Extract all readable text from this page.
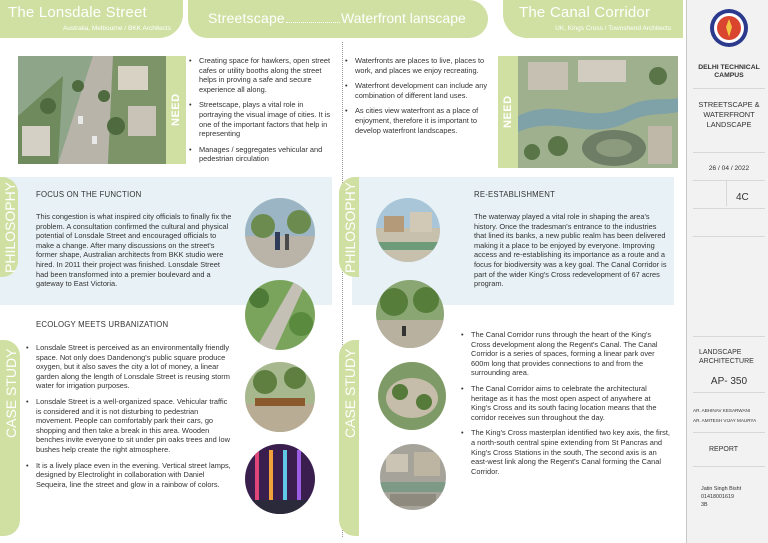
The Lonsdale Street
Australia, Melbourne / BKK Architects
Streetscape	Waterfront lanscape	The Canal Corridor
UK, Kings Cross / Townshend Architects
NEED
• Creating space for hawkers, open street cafes or utility booths along the street helps in proving a safe and secure experience all along.
• Streetscape, plays a vital role in portraying the visual image of cities. It is one of the important factors that help in representing
• Manages / seggregates vehicular and pedestrian circulation
• Waterfronts are places to live, places to work, and places we enjoy recreating.
• Waterfront development can include any combination of different land uses.
• As cities view waterfront as a place of enjoyment, therefore it is important to develop waterfront landscapes.
NEED
PHILOSOPHY	PHILOSOPHY
FOCUS ON THE FUNCTION
This congestion is what inspired city officials to finally fix the problem. A consultation confirmed the cultural and physical potential of Lonsdale Street and encouraged officials to make a change. After many discussions on the street's former shape, Australian architects from BKK studio were hired. In 2011 their project was finished. Lonsdale Street had been transformed into a premier boulevard and a gateway to East Victoria.
RE-ESTABLISHMENT
The waterway played a vital role in shaping the area's history. Once the tradesman's entrance to the industries that lined its banks, a new public realm has been delivered making it a place to be enjoyed by everyone. Improving access and re-establishing its importance as a route and a focus for biodiversity was a key goal. The Canal Corridor is part of the wider King's Cross redevelopment of 67 acres program.
CASE STUDY	CASE STUDY
ECOLOGY MEETS URBANIZATION
• Lonsdale Street is perceived as an environmentally friendly space. Not only does Dandenong's public square produce oxygen, but it also saves the city a lot of money, a linear garden along the length of Lonsdale Street is reusing storm water for irrigation purposes.
• Lonsdale Street is a well-organized space. Vehicular traffic is considered and it is not disturbing to pedestrian movement. People can comfortably park their cars, go shopping and then take a break in this area. Wooden benches invite everyone to sit under pin oaks trees and low bushes help create the right atmosphere.
• It is a lively place even in the evening. Vertical street lamps, designed by Electrolight in collaboration with Daniel Sequeira, line the street and glow in a rainbow of colors.
• The Canal Corridor runs through the heart of the King's Cross development along the Regent's Canal. The Canal Corridor is a series of spaces, forming a linear park over 600m long that provides connections to and from the surrounding area.
• The Canal Corridor aims to celebrate the architectural heritage as it has the most open aspect of anywhere at King's Cross and its south facing location means that the corridor receives sun throughout the day.
• The King's Cross masterplan identified two key axis, the first, a north-south central spine extending from St Pancras and King's Cross Stations in the south, The second axis is an east-west link along the Regent's Canal forming the Canal Corridor.
DELHI TECHNICAL CAMPUS
STREETSCAPE & WATERFRONT LANDSCAPE
26 / 04 / 2022
4C
LANDSCAPE ARCHITECTURE
AP- 350
AR. ABHINAV KESARWANI
AR. AMITESH VIJAY MAURYA
REPORT
Jatin Singh Bisht
01418001619
3B
